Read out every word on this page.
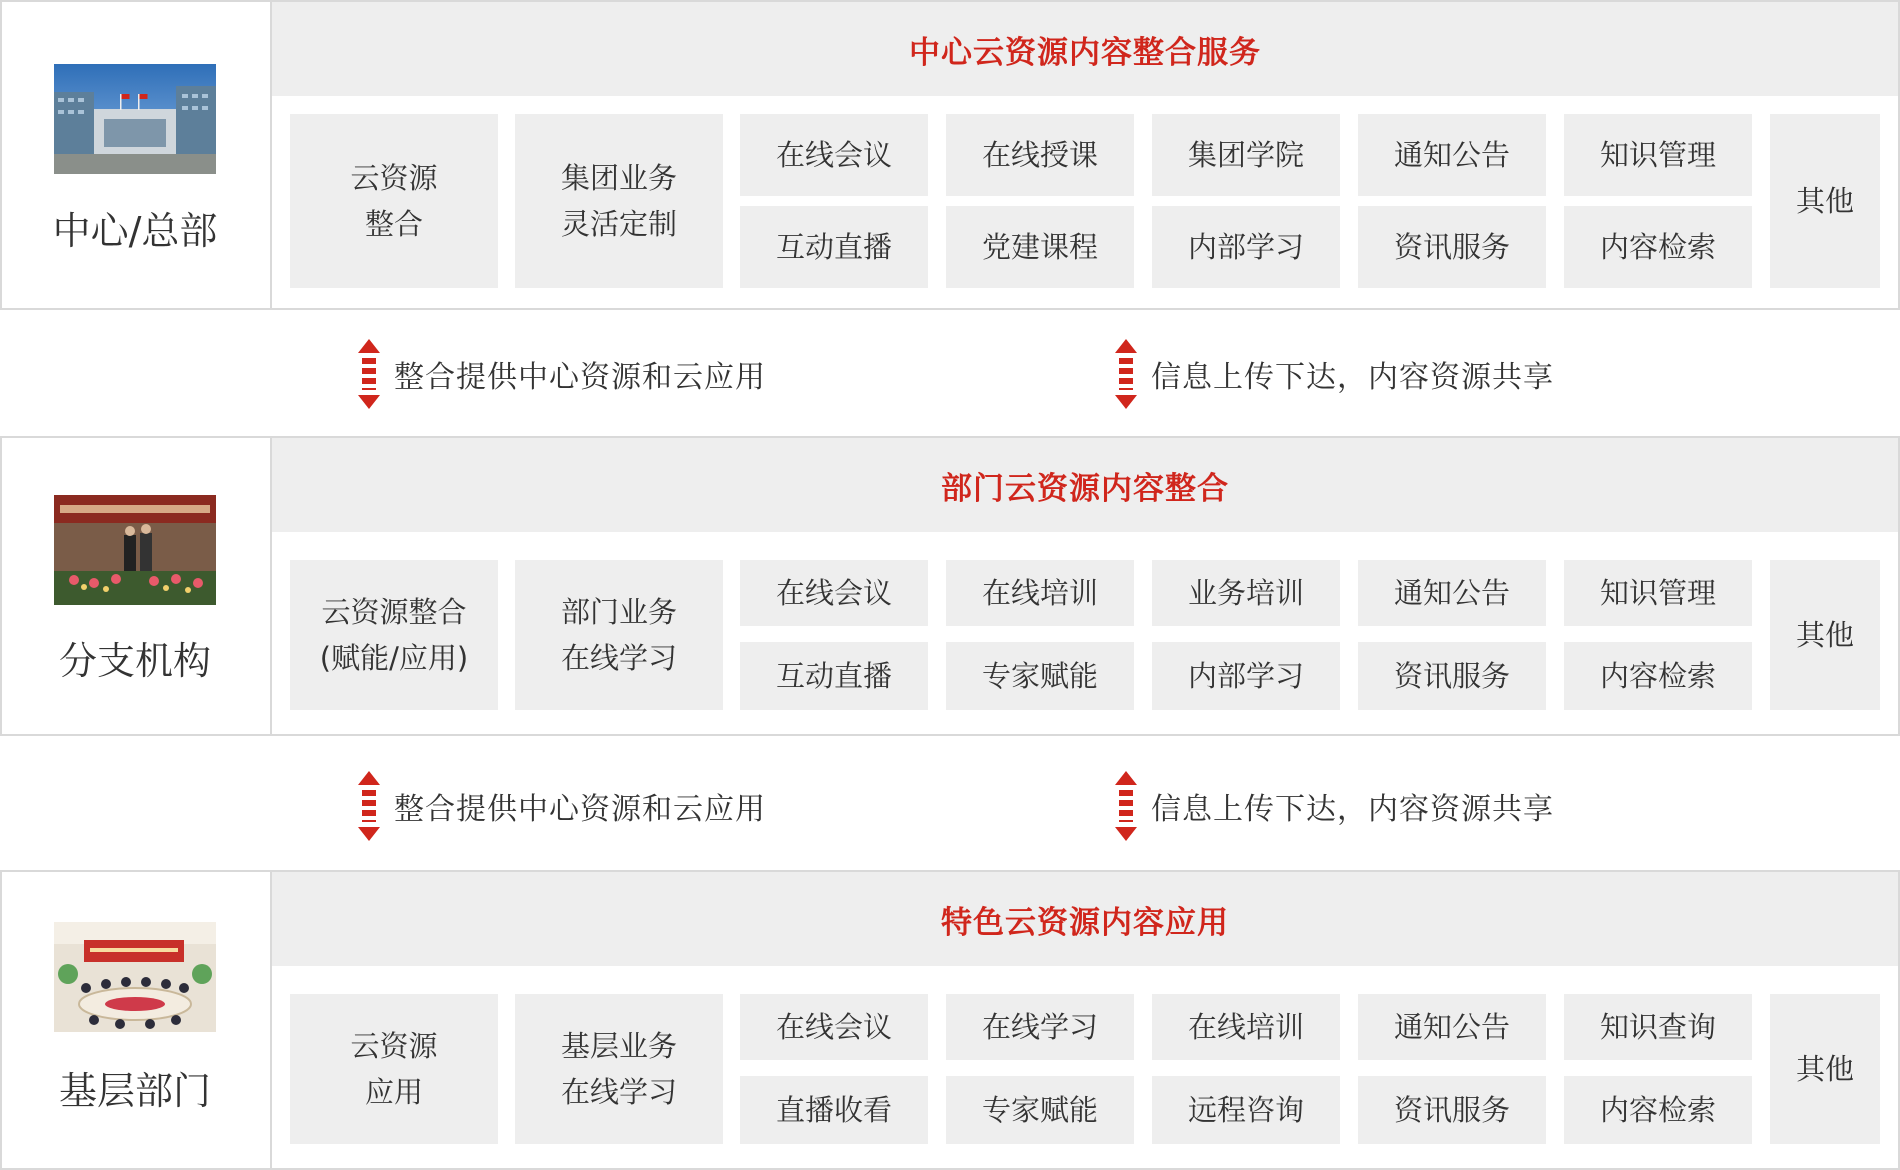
中心/总部
中心云资源内容整合服务
云资源
整合
集团业务
灵活定制
在线会议	在线授课	集团学院	通知公告	知识管理
互动直播	党建课程	内部学习	资讯服务	内容检索
其他
整合提供中心资源和云应用	信息上传下达，内容资源共享
分支机构
部门云资源内容整合
云资源整合
(赋能/应用)
部门业务
在线学习
在线会议	在线培训	业务培训	通知公告	知识管理
互动直播	专家赋能	内部学习	资讯服务	内容检索
其他
整合提供中心资源和云应用	信息上传下达，内容资源共享
基层部门
特色云资源内容应用
云资源
应用
基层业务
在线学习
在线会议	在线学习	在线培训	通知公告	知识查询
直播收看	专家赋能	远程咨询	资讯服务	内容检索
其他
